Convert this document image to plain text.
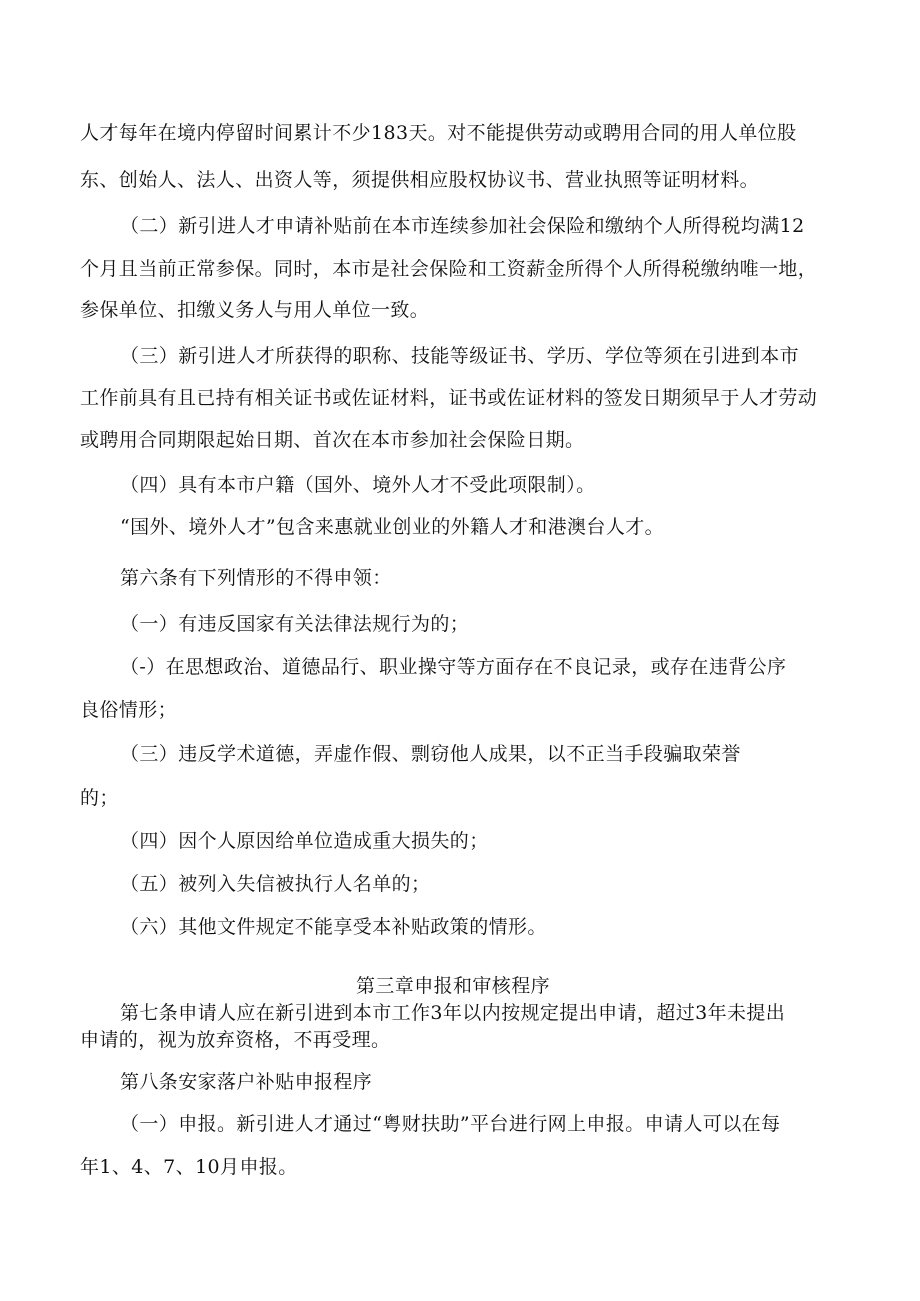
人才每年在境内停留时间累计不少183天。对不能提供劳动或聘用合同的用人单位股
东、创始人、法人、出资人等，须提供相应股权协议书、营业执照等证明材料。
（二）新引进人才申请补贴前在本市连续参加社会保险和缴纳个人所得税均满12
个月且当前正常参保。同时，本市是社会保险和工资薪金所得个人所得税缴纳唯一地，
参保单位、扣缴义务人与用人单位一致。
（三）新引进人才所获得的职称、技能等级证书、学历、学位等须在引进到本市
工作前具有且已持有相关证书或佐证材料，证书或佐证材料的签发日期须早于人才劳动
或聘用合同期限起始日期、首次在本市参加社会保险日期。
（四）具有本市户籍（国外、境外人才不受此项限制）。
“国外、境外人才”包含来惠就业创业的外籍人才和港澳台人才。
第六条有下列情形的不得申领：
（一）有违反国家有关法律法规行为的；
（-）在思想政治、道德品行、职业操守等方面存在不良记录，或存在违背公序
良俗情形；
（三）违反学术道德，弄虚作假、剽窃他人成果，以不正当手段骗取荣誉
的；
（四）因个人原因给单位造成重大损失的；
（五）被列入失信被执行人名单的；
（六）其他文件规定不能享受本补贴政策的情形。
第三章申报和审核程序
第七条申请人应在新引进到本市工作3年以内按规定提出申请，超过3年未提出
申请的，视为放弃资格，不再受理。
第八条安家落户补贴申报程序
（一）申报。新引进人才通过“粤财扶助”平台进行网上申报。申请人可以在每
年1、4、7、10月申报。
